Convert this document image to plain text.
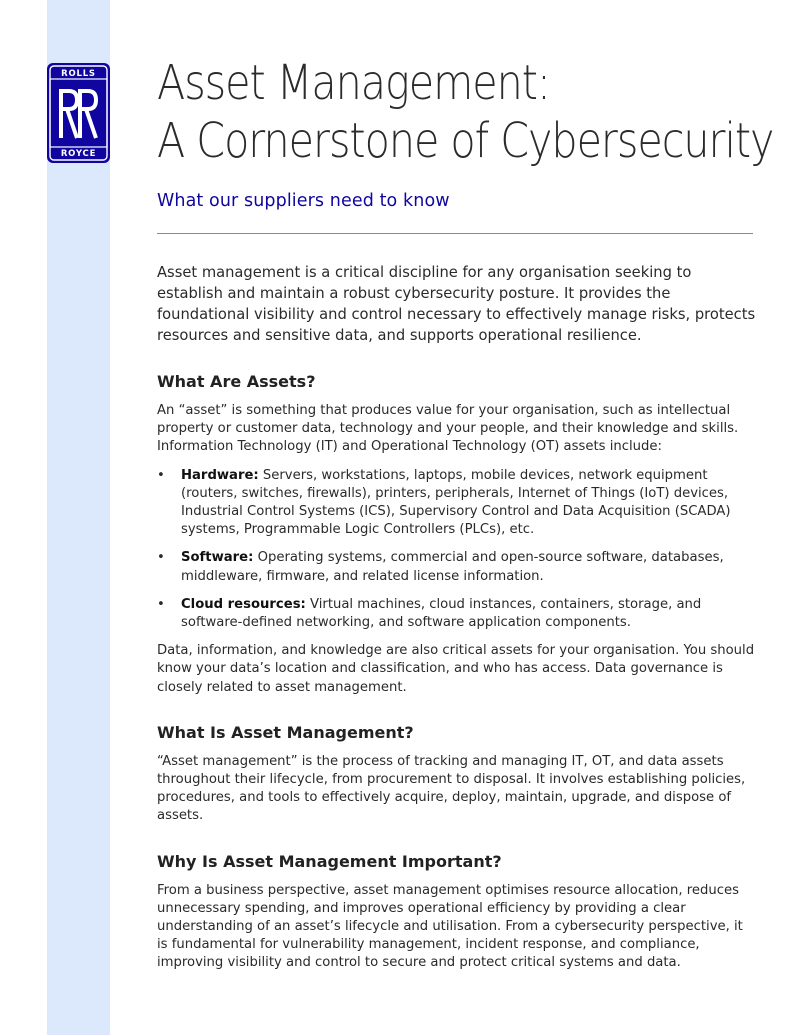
ROLLS
ROYCE
Asset Management:
A Cornerstone of Cybersecurity
What our suppliers need to know

Asset management is a critical discipline for any organisation seeking to establish and maintain a robust cybersecurity posture. It provides the foundational visibility and control necessary to effectively manage risks, protects resources and sensitive data, and supports operational resilience.

What Are Assets?

An “asset” is something that produces value for your organisation, such as intellectual property or customer data, technology and your people, and their knowledge and skills. Information Technology (IT) and Operational Technology (OT) assets include:

• Hardware: Servers, workstations, laptops, mobile devices, network equipment (routers, switches, firewalls), printers, peripherals, Internet of Things (IoT) devices, Industrial Control Systems (ICS), Supervisory Control and Data Acquisition (SCADA) systems, Programmable Logic Controllers (PLCs), etc.
• Software: Operating systems, commercial and open-source software, databases, middleware, firmware, and related license information.
• Cloud resources: Virtual machines, cloud instances, containers, storage, and software-defined networking, and software application components.

Data, information, and knowledge are also critical assets for your organisation. You should know your data’s location and classification, and who has access. Data governance is closely related to asset management.

What Is Asset Management?

“Asset management” is the process of tracking and managing IT, OT, and data assets throughout their lifecycle, from procurement to disposal. It involves establishing policies, procedures, and tools to effectively acquire, deploy, maintain, upgrade, and dispose of assets.

Why Is Asset Management Important?

From a business perspective, asset management optimises resource allocation, reduces unnecessary spending, and improves operational efficiency by providing a clear understanding of an asset’s lifecycle and utilisation. From a cybersecurity perspective, it is fundamental for vulnerability management, incident response, and compliance, improving visibility and control to secure and protect critical systems and data.
